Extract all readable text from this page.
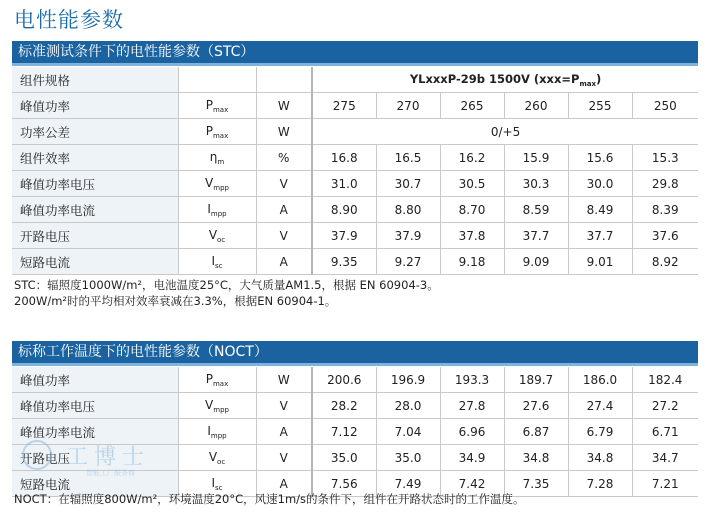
电性能参数
标准测试条件下的电性能参数（STC）
组件规格			YLxxxP-29b 1500V $(xxx=P_{max})$					
峰值功率	$P_{max}$	W	275	270	265	260	255	250
功率公差	$P_{max}$	W	0/+5					
组件效率	$\eta_m$	%	16.8	16.5	16.2	15.9	15.6	15.3
峰值功率电压	$V_{mpp}$	V	31.0	30.7	30.5	30.3	30.0	29.8
峰值功率电流	$I_{mpp}$	A	8.90	8.80	8.70	8.59	8.49	8.39
开路电压	$V_{oc}$	V	37.9	37.9	37.8	37.7	37.7	37.6
短路电流	$I_{sc}$	A	9.35	9.27	9.18	9.09	9.01	8.92

STC：辐照度1000W/m²，电池温度25°C，大气质量AM1.5，根据 EN 60904-3。

200W/m²时的平均相对效率衰减在3.3%，根据EN 60904-1。

标称工作温度下的电性能参数（NOCT）
峰值功率	$P_{max}$	W	200.6	196.9	193.3	189.7	186.0	182.4
峰值功率电压	$V_{mpp}$	V	28.2	28.0	27.8	27.6	27.4	27.2
峰值功率电流	$I_{mpp}$	A	7.12	7.04	6.96	6.87	6.79	6.71
开路电压	$V_{oc}$	V	35.0	35.0	34.9	34.8	34.8	34.7
短路电流	$I_{sc}$	A	7.56	7.49	7.42	7.35	7.28	7.21

NOCT：在辐照度800W/m²，环境温度20°C，风速1m/s的条件下，组件在开路状态时的工作温度。

工博士
智能工厂服务商
